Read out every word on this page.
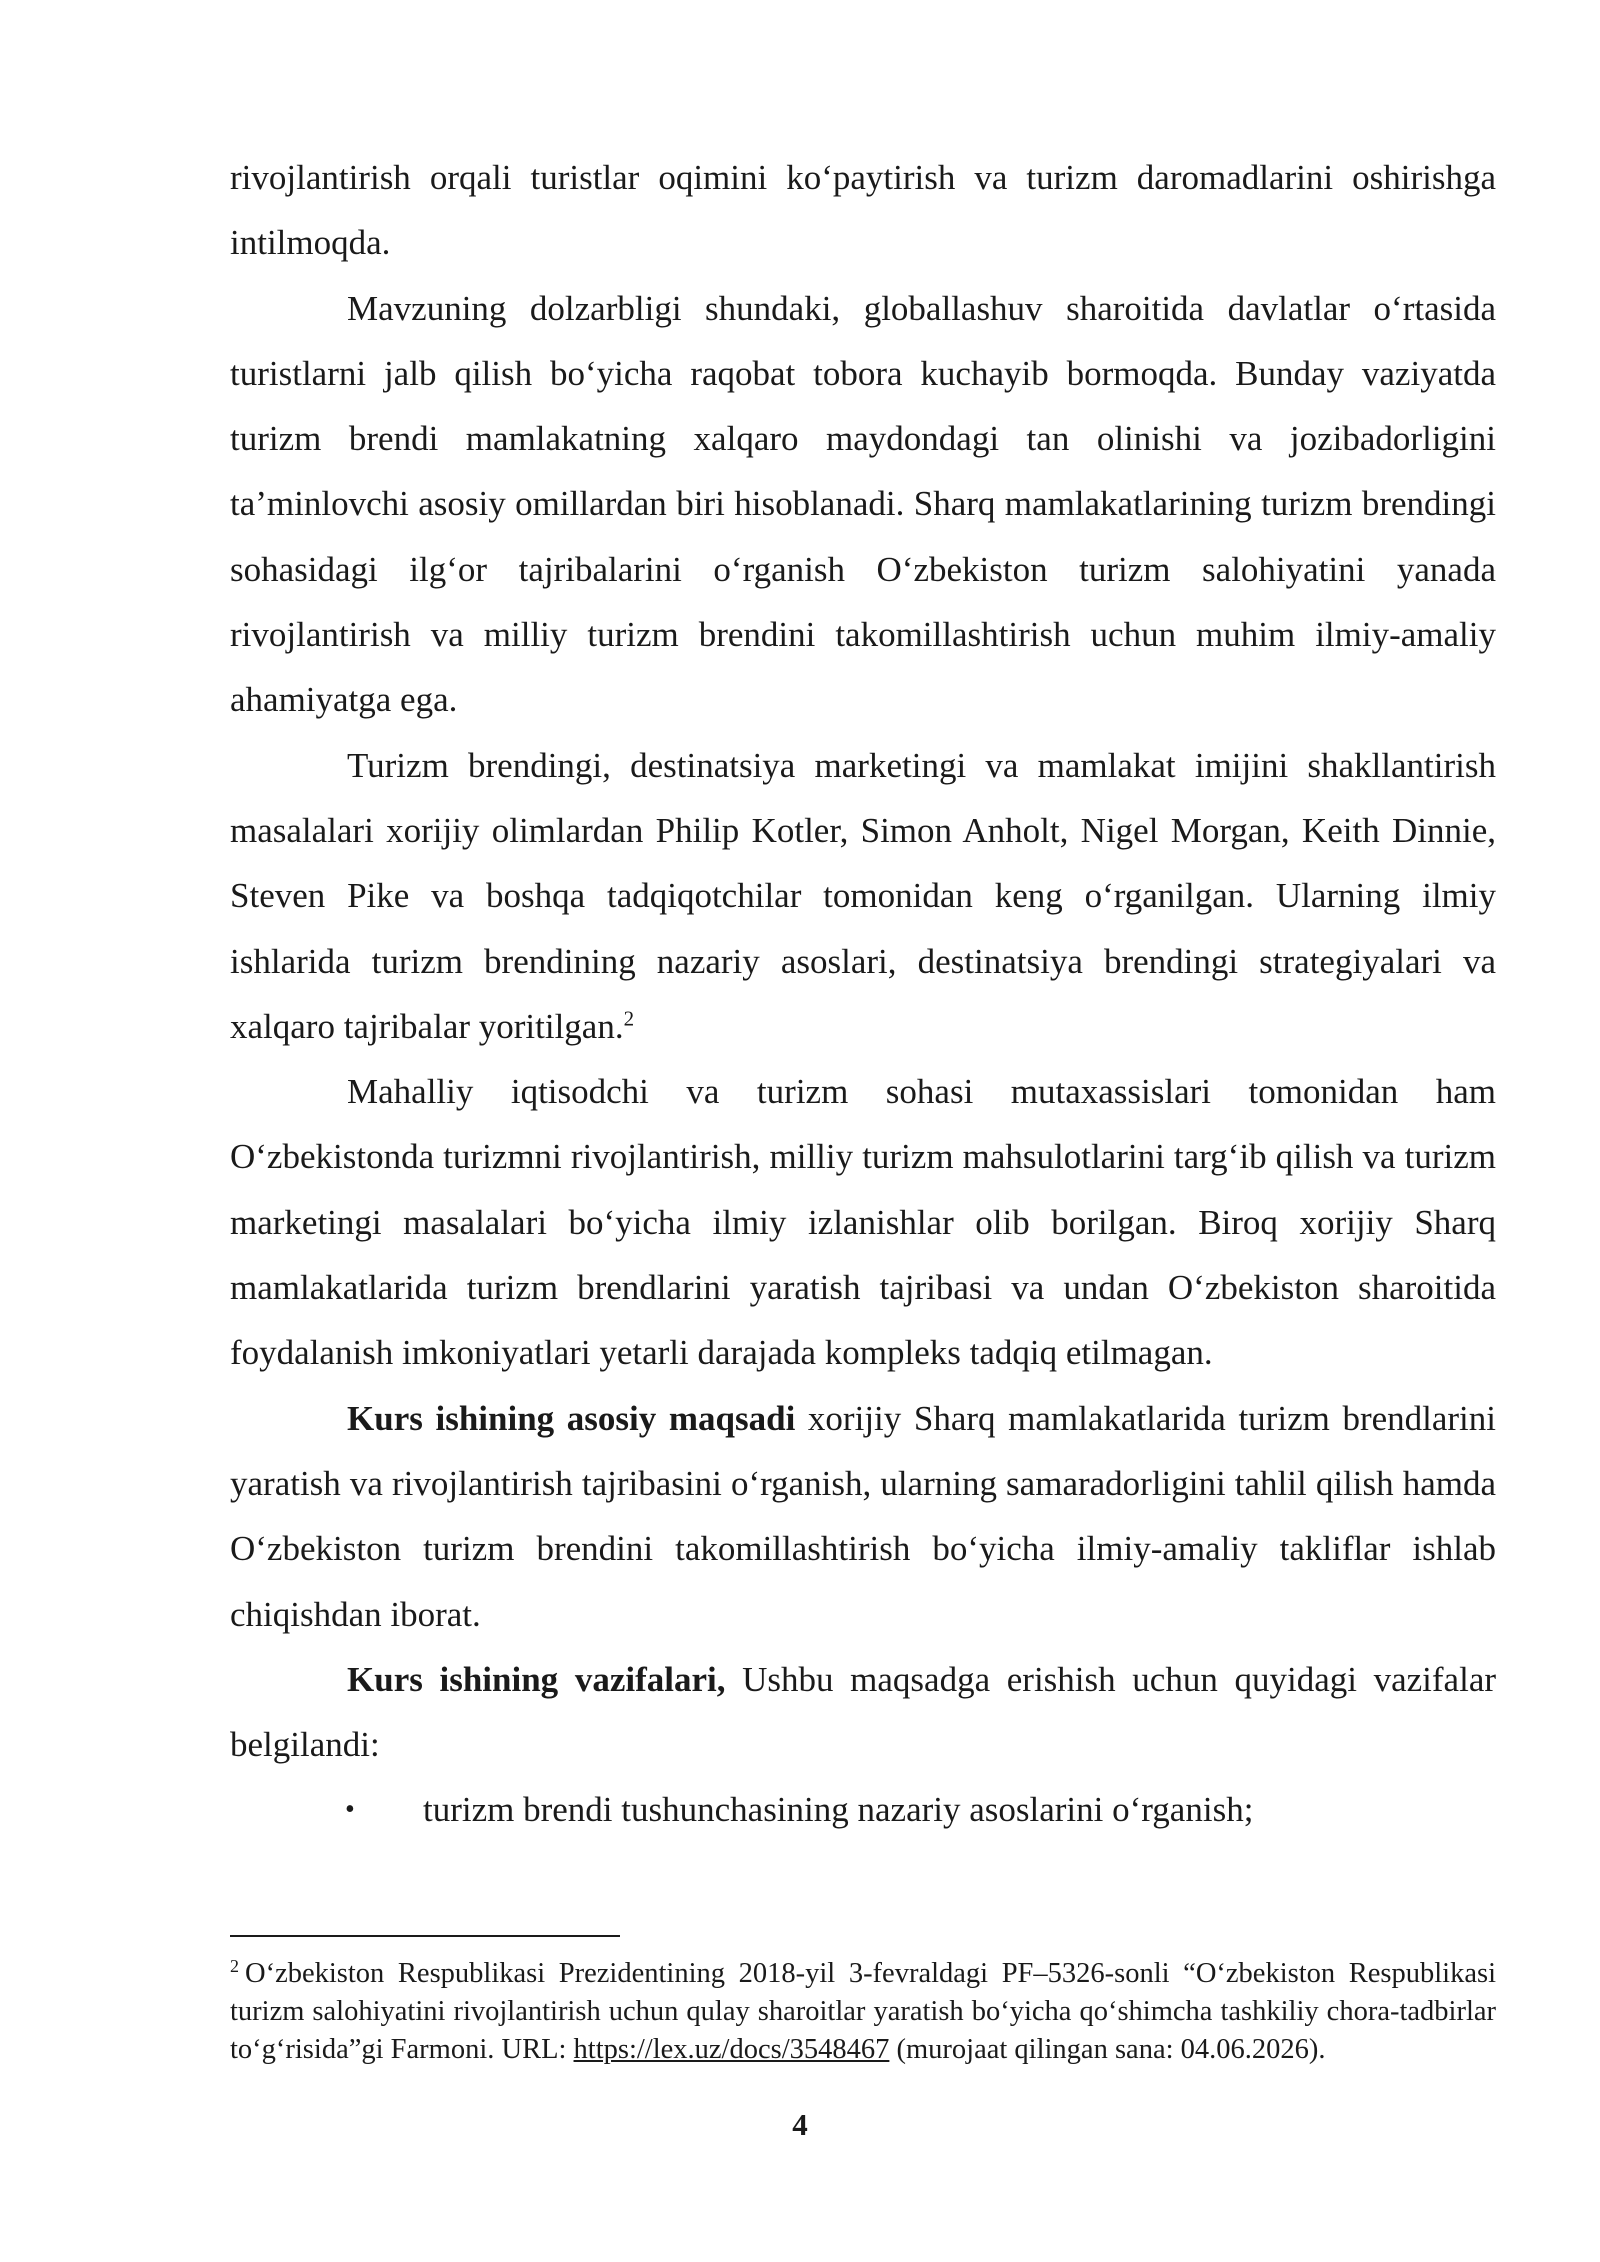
rivojlantirish orqali turistlar oqimini ko‘paytirish va turizm daromadlarini oshirishga intilmoqda.

Mavzuning dolzarbligi shundaki, globallashuv sharoitida davlatlar o‘rtasida turistlarni jalb qilish bo‘yicha raqobat tobora kuchayib bormoqda. Bunday vaziyatda turizm brendi mamlakatning xalqaro maydondagi tan olinishi va jozibadorligini ta’minlovchi asosiy omillardan biri hisoblanadi. Sharq mamlakatlarining turizm brendingi sohasidagi ilg‘or tajribalarini o‘rganish O‘zbekiston turizm salohiyatini yanada rivojlantirish va milliy turizm brendini takomillashtirish uchun muhim ilmiy-amaliy ahamiyatga ega.

Turizm brendingi, destinatsiya marketingi va mamlakat imijini shakllantirish masalalari xorijiy olimlardan Philip Kotler, Simon Anholt, Nigel Morgan, Keith Dinnie, Steven Pike va boshqa tadqiqotchilar tomonidan keng o‘rganilgan. Ularning ilmiy ishlarida turizm brendining nazariy asoslari, destinatsiya brendingi strategiyalari va xalqaro tajribalar yoritilgan.$^2$

Mahalliy iqtisodchi va turizm sohasi mutaxassislari tomonidan ham O‘zbekistonda turizmni rivojlantirish, milliy turizm mahsulotlarini targ‘ib qilish va turizm marketingi masalalari bo‘yicha ilmiy izlanishlar olib borilgan. Biroq xorijiy Sharq mamlakatlarida turizm brendlarini yaratish tajribasi va undan O‘zbekiston sharoitida foydalanish imkoniyatlari yetarli darajada kompleks tadqiq etilmagan.

Kurs ishining asosiy maqsadi xorijiy Sharq mamlakatlarida turizm brendlarini yaratish va rivojlantirish tajribasini o‘rganish, ularning samaradorligini tahlil qilish hamda O‘zbekiston turizm brendini takomillashtirish bo‘yicha ilmiy-amaliy takliflar ishlab chiqishdan iborat.

Kurs ishining vazifalari, Ushbu maqsadga erishish uchun quyidagi vazifalar belgilandi:

• turizm brendi tushunchasining nazariy asoslarini o‘rganish;

$^2$ O‘zbekiston Respublikasi Prezidentining 2018-yil 3-fevraldagi PF–5326-sonli “O‘zbekiston Respublikasi turizm salohiyatini rivojlantirish uchun qulay sharoitlar yaratish bo‘yicha qo‘shimcha tashkiliy chora-tadbirlar to‘g‘risida”gi Farmoni. URL: https://lex.uz/docs/3548467 (murojaat qilingan sana: 04.06.2026).

4
